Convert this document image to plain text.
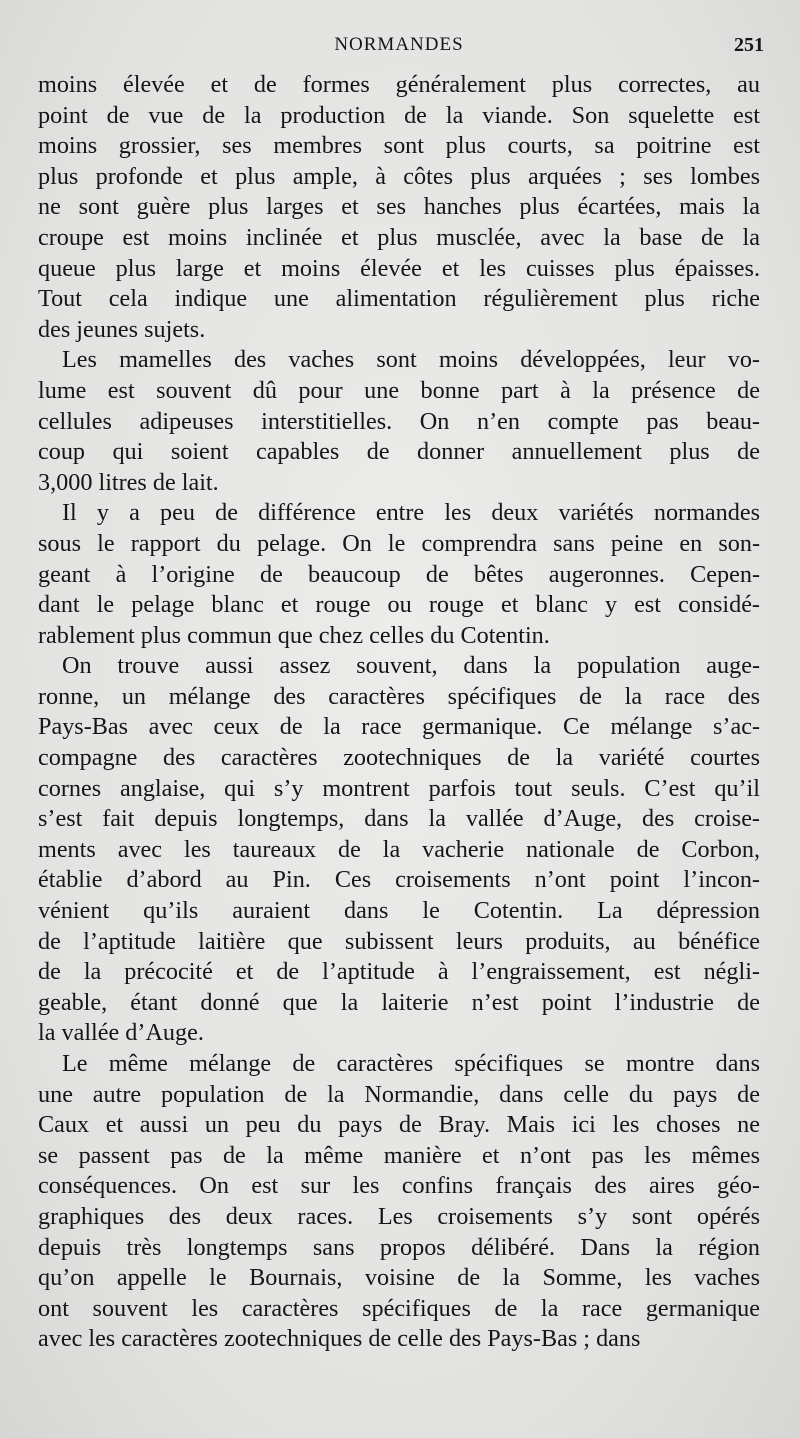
NORMANDES	251

moins élevée et de formes généralement plus correctes, au
point de vue de la production de la viande. Son squelette est
moins grossier, ses membres sont plus courts, sa poitrine est
plus profonde et plus ample, à côtes plus arquées ; ses lombes
ne sont guère plus larges et ses hanches plus écartées, mais la
croupe est moins inclinée et plus musclée, avec la base de la
queue plus large et moins élevée et les cuisses plus épaisses.
Tout cela indique une alimentation régulièrement plus riche
des jeunes sujets.

Les mamelles des vaches sont moins développées, leur vo-
lume est souvent dû pour une bonne part à la présence de
cellules adipeuses interstitielles. On n’en compte pas beau-
coup qui soient capables de donner annuellement plus de
3,000 litres de lait.

Il y a peu de différence entre les deux variétés normandes
sous le rapport du pelage. On le comprendra sans peine en son-
geant à l’origine de beaucoup de bêtes augeronnes. Cepen-
dant le pelage blanc et rouge ou rouge et blanc y est considé-
rablement plus commun que chez celles du Cotentin.

On trouve aussi assez souvent, dans la population auge-
ronne, un mélange des caractères spécifiques de la race des
Pays-Bas avec ceux de la race germanique. Ce mélange s’ac-
compagne des caractères zootechniques de la variété courtes
cornes anglaise, qui s’y montrent parfois tout seuls. C’est qu’il
s’est fait depuis longtemps, dans la vallée d’Auge, des croise-
ments avec les taureaux de la vacherie nationale de Corbon,
établie d’abord au Pin. Ces croisements n’ont point l’incon-
vénient qu’ils auraient dans le Cotentin. La dépression
de l’aptitude laitière que subissent leurs produits, au bénéfice
de la précocité et de l’aptitude à l’engraissement, est négli-
geable, étant donné que la laiterie n’est point l’industrie de
la vallée d’Auge.

Le même mélange de caractères spécifiques se montre dans
une autre population de la Normandie, dans celle du pays de
Caux et aussi un peu du pays de Bray. Mais ici les choses ne
se passent pas de la même manière et n’ont pas les mêmes
conséquences. On est sur les confins français des aires géo-
graphiques des deux races. Les croisements s’y sont opérés
depuis très longtemps sans propos délibéré. Dans la région
qu’on appelle le Bournais, voisine de la Somme, les vaches
ont souvent les caractères spécifiques de la race germanique
avec les caractères zootechniques de celle des Pays-Bas ; dans
